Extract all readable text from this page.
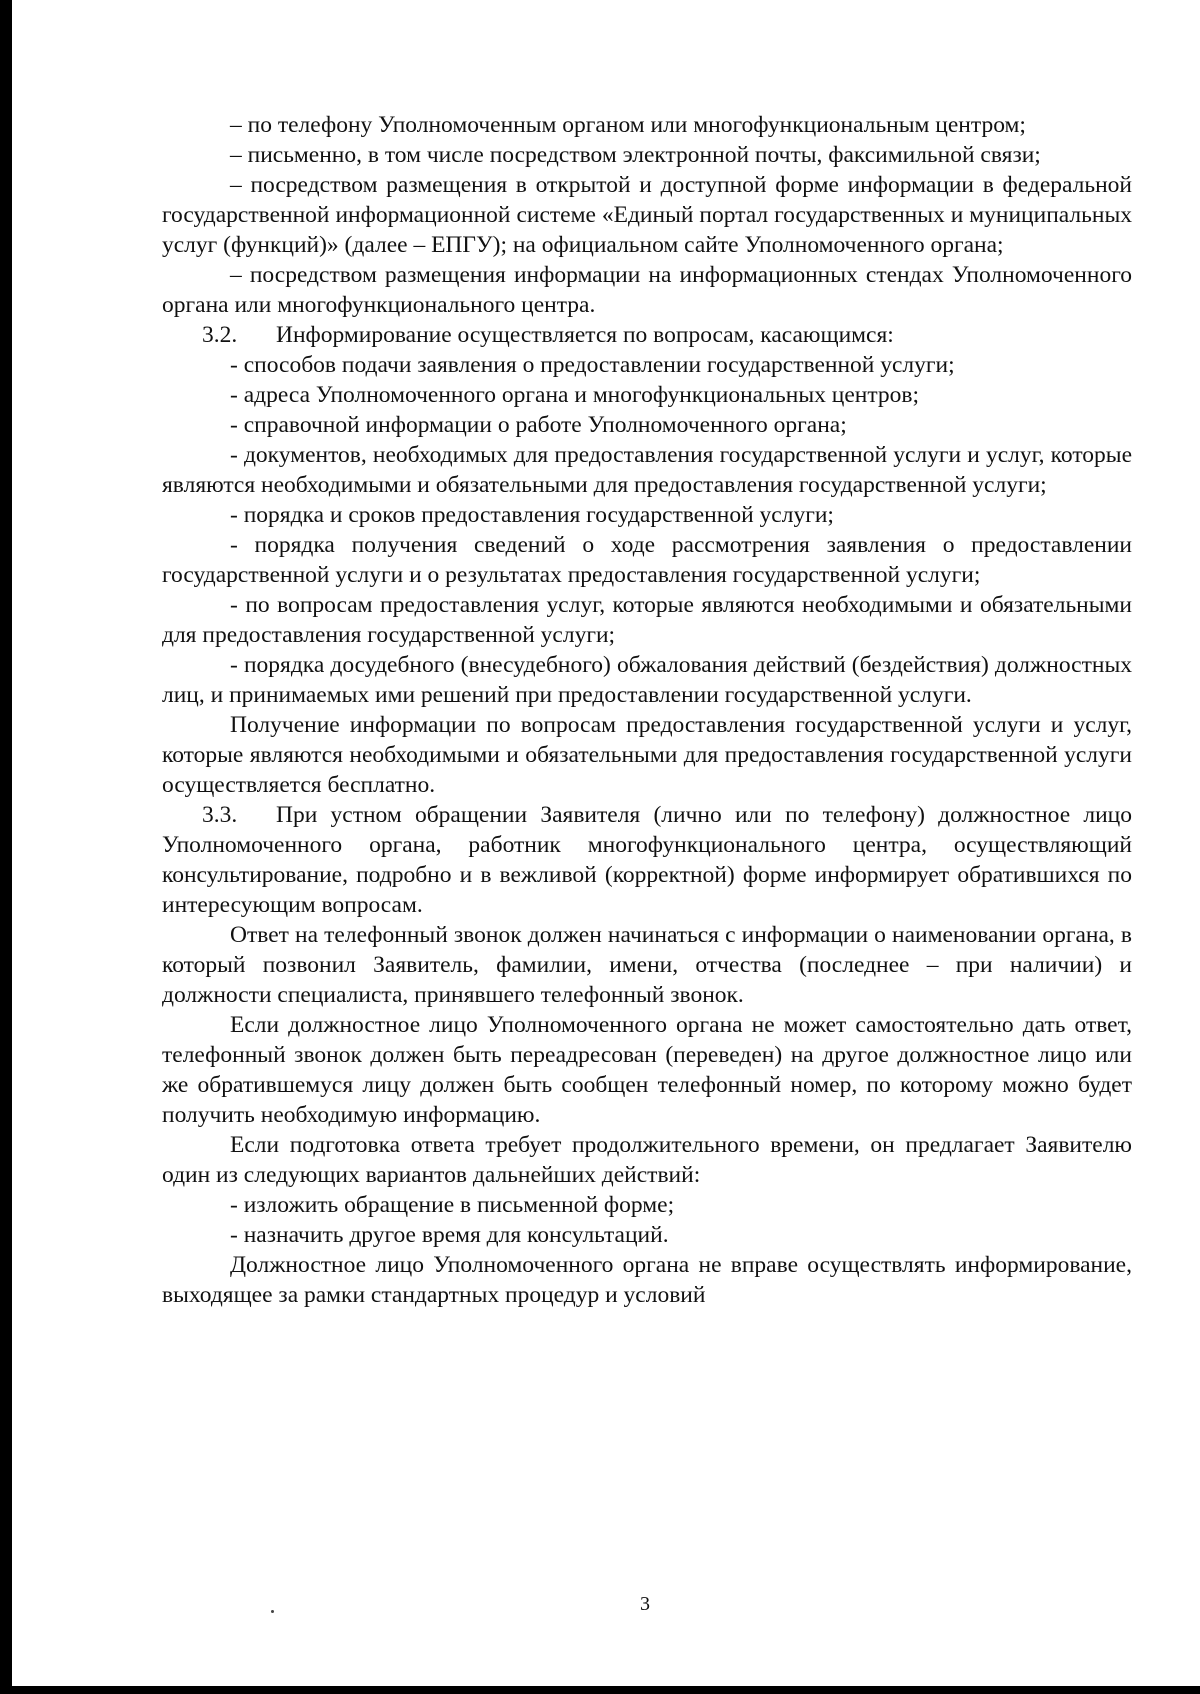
– по телефону Уполномоченным органом или многофункциональным центром;

– письменно, в том числе посредством электронной почты, факсимильной связи;

– посредством размещения в открытой и доступной форме информации в федеральной государственной информационной системе «Единый портал государственных и муниципальных услуг (функций)» (далее – ЕПГУ); на официальном сайте Уполномоченного органа;

– посредством размещения информации на информационных стендах Уполномоченного органа или многофункционального центра.

3.2. Информирование осуществляется по вопросам, касающимся:

- способов подачи заявления о предоставлении государственной услуги;

- адреса Уполномоченного органа и многофункциональных центров;

- справочной информации о работе Уполномоченного органа;

- документов, необходимых для предоставления государственной услуги и услуг, которые являются необходимыми и обязательными для предоставления государственной услуги;

- порядка и сроков предоставления государственной услуги;

- порядка получения сведений о ходе рассмотрения заявления о предоставлении государственной услуги и о результатах предоставления государственной услуги;

- по вопросам предоставления услуг, которые являются необходимыми и обязательными для предоставления государственной услуги;

- порядка досудебного (внесудебного) обжалования действий (бездействия) должностных лиц, и принимаемых ими решений при предоставлении государственной услуги.

Получение информации по вопросам предоставления государственной услуги и услуг, которые являются необходимыми и обязательными для предоставления государственной услуги осуществляется бесплатно.

3.3. При устном обращении Заявителя (лично или по телефону) должностное лицо Уполномоченного органа, работник многофункционального центра, осуществляющий консультирование, подробно и в вежливой (корректной) форме информирует обратившихся по интересующим вопросам.

Ответ на телефонный звонок должен начинаться с информации о наименовании органа, в который позвонил Заявитель, фамилии, имени, отчества (последнее – при наличии) и должности специалиста, принявшего телефонный звонок.

Если должностное лицо Уполномоченного органа не может самостоятельно дать ответ, телефонный звонок должен быть переадресован (переведен) на другое должностное лицо или же обратившемуся лицу должен быть сообщен телефонный номер, по которому можно будет получить необходимую информацию.

Если подготовка ответа требует продолжительного времени, он предлагает Заявителю один из следующих вариантов дальнейших действий:

- изложить обращение в письменной форме;

- назначить другое время для консультаций.

Должностное лицо Уполномоченного органа не вправе осуществлять информирование, выходящее за рамки стандартных процедур и условий

3
